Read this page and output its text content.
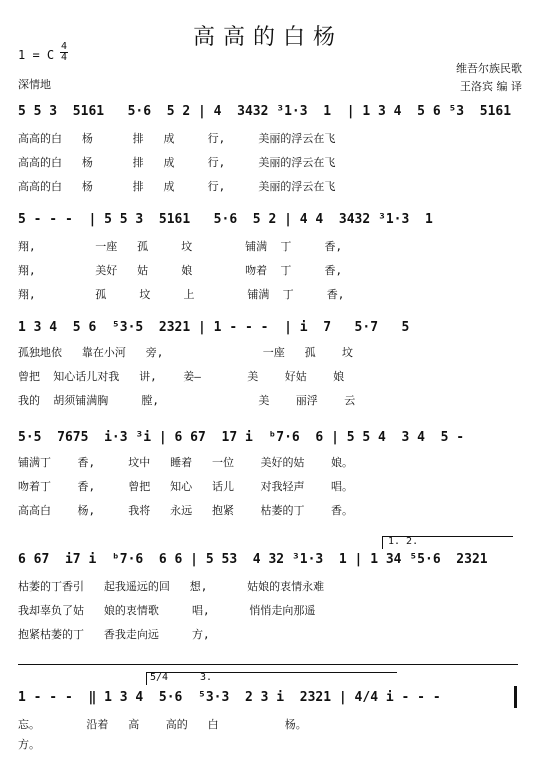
高高的白杨
1 = C
4
4
深情地
维吾尔族民歌
王洛宾 编 译
5 5 3  5161   5·6  5 2 | 4  3432 ³1·3  1  | 1 3 4  5 6 ⁵3  5161
高高的白   杨      排   成     行,     美丽的浮云在飞
高高的白   杨      排   成     行,     美丽的浮云在飞
高高的白   杨      排   成     行,     美丽的浮云在飞
5 - - -  | 5 5 3  5161   5·6  5 2 | 4 4  3432 ³1·3  1
翔,         一座   孤     坟        铺满  丁     香,
翔,         美好   姑     娘        吻着  丁     香,
翔,         孤     坟     上        铺满  丁     香,
1 3 4  5 6  ⁵3·5  2321 | 1 - - -  | i  7   5·7   5
孤独地依   靠在小河   旁,               一座   孤    坟
曾把  知心话儿对我   讲,    姜—       美    好姑    娘
我的  胡须铺满胸     膛,               美    丽浮    云
5·5  7675  i·3 ³i | 6 67  17 i  ᵇ7·6  6 | 5 5 4  3 4  5 -
铺满丁    香,     坟中   睡着   一位    美好的姑    娘。
吻着丁    香,     曾把   知心   话儿    对我轻声    唱。
高高白    杨,     我将   永远   抱紧    枯萎的丁    香。
1. 2.
6 67  i7 i  ᵇ7·6  6 6 | 5 53  4 32 ³1·3  1 | 1 34 ⁵5·6  2321
枯萎的丁香引   起我遥远的回   想,      姑娘的衷情永难
我却辜负了姑   娘的衷情歌     唱,      悄悄走向那遥
抱紧枯萎的丁   香我走向远     方,
5/4	3.
1 - - -  ‖ 1 3 4  5·6  ⁵3·3  2 3 i  2321 | 4/4 i - - -
忘。       沿着   高    高的   白          杨。
方。
